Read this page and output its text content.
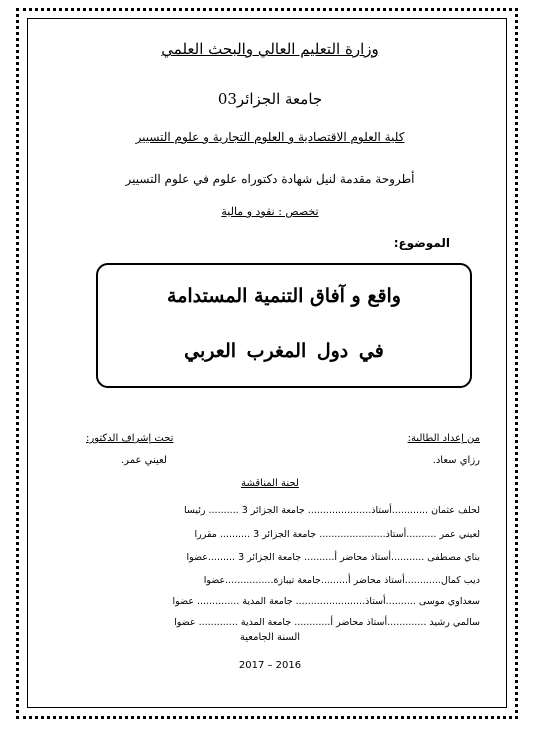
وزارة التعليم العالي والبحث العلمي
جامعة الجزائر03
كلية العلوم الاقتصادية و العلوم التجارية و علوم التسيير
أطروحة مقدمة لنيل شهادة دكتوراه علوم في علوم التسيير
تخصص : نقود و مالية
الموضوع:
واقع و آفاق التنمية المستدامة
في دول المغرب العربي
من إعداد الطالبة:
تحت إشراف الدكتور:
رزاي سعاد.
لعيني عمر.
لجنة المناقشة
لحلف عثمان ............أستاذ..................... جامعة الجزائر 3 .......... رئيسا
لعيني عمر ..........أستاذ...................... جامعة الجزائر 3 .......... مقررا
بناي مصطفى ...........أستاذ محاضر أ.......... جامعة الجزائر 3 .........عضوا
ديب كمال............أستاذ محاضر أ.........جامعة تيبازة................عضوا
سعداوي موسى ..........أستاذ....................... جامعة المدية .............. عضوا
سالمي رشيد .............أستاذ محاضر أ............ جامعة المدية ............. عضوا
السنة الجامعية
2017 – 2016
